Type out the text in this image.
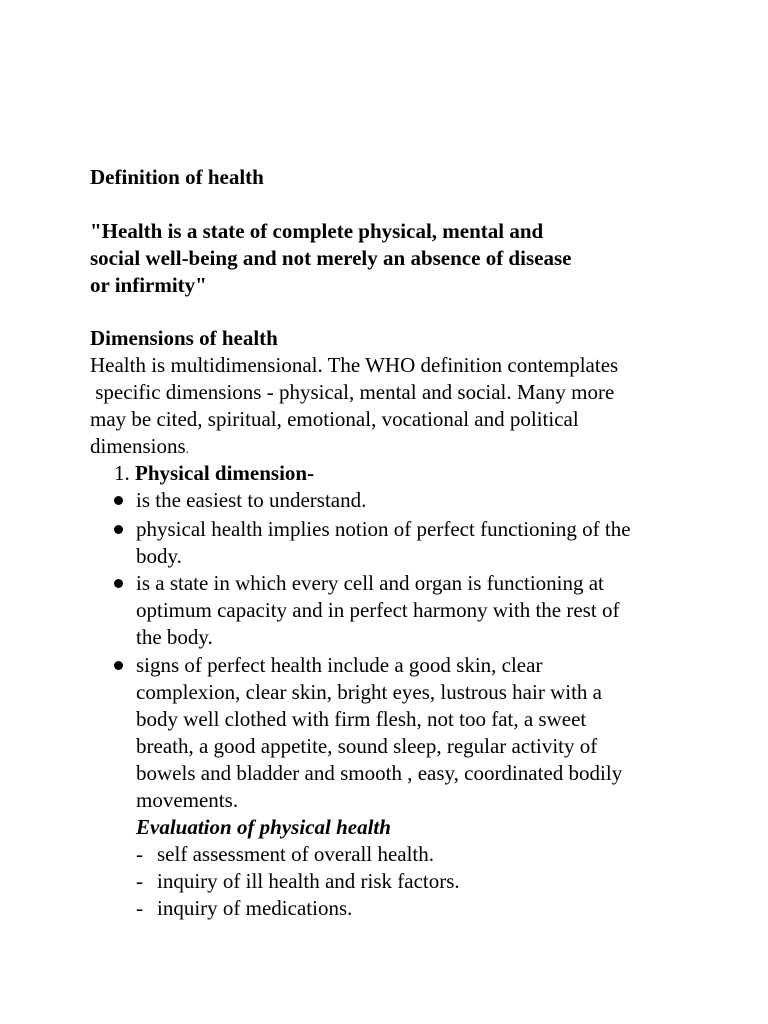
Definition of health
"Health is a state of complete physical, mental and
social well-being and not merely an absence of disease
or infirmity"
Dimensions of health
Health is multidimensional. The WHO definition contemplates
specific dimensions - physical, mental and social. Many more
may be cited, spiritual, emotional, vocational and political
dimensions.
1. Physical dimension-
is the easiest to understand.
physical health implies notion of perfect functioning of the
body.
is a state in which every cell and organ is functioning at
optimum capacity and in perfect harmony with the rest of
the body.
signs of perfect health include a good skin, clear
complexion, clear skin, bright eyes, lustrous hair with a
body well clothed with firm flesh, not too fat, a sweet
breath, a good appetite, sound sleep, regular activity of
bowels and bladder and smooth , easy, coordinated bodily
movements.
Evaluation of physical health
- self assessment of overall health.
- inquiry of ill health and risk factors.
- inquiry of medications.
